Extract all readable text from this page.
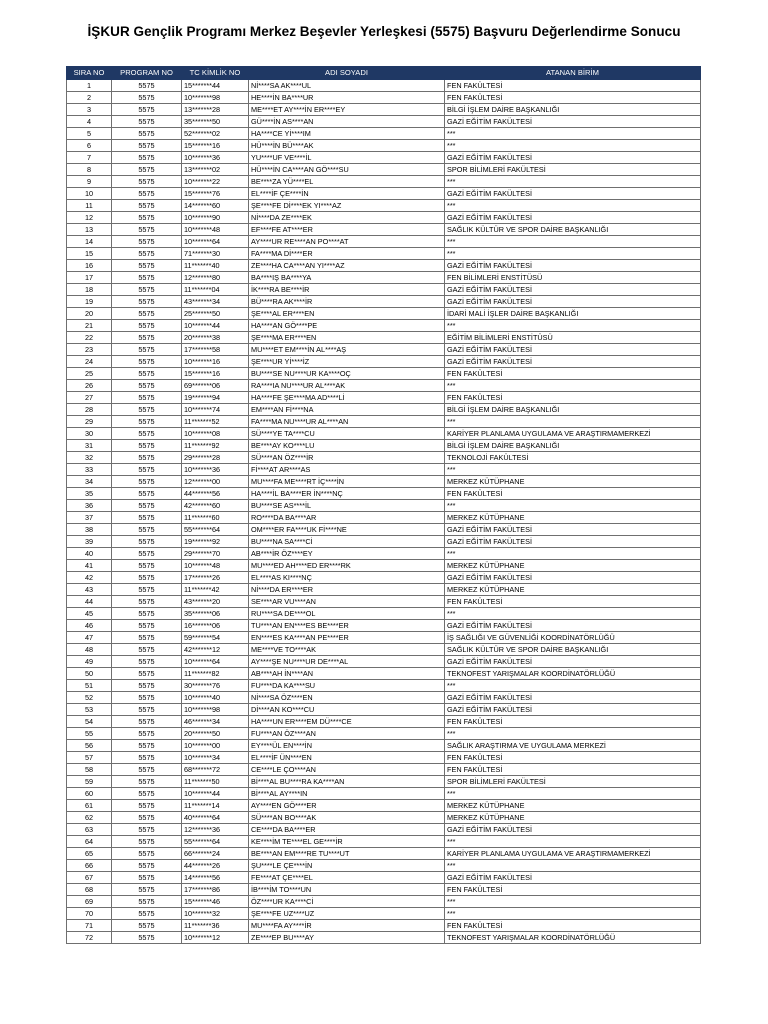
İŞKUR Gençlik Programı Merkez Beşevler Yerleşkesi (5575) Başvuru Değerlendirme Sonucu
SIRA NO	PROGRAM NO	TC KİMLİK NO	ADI SOYADI	ATANAN BİRİM
1	5575	15*******44	Nİ****SA AK****UL	FEN FAKÜLTESİ
2	5575	10*******98	HE****İN BA****UR	FEN FAKÜLTESİ
3	5575	13*******28	ME****ET AY****İN ER****EY	BİLGİ İŞLEM DAİRE BAŞKANLIĞI
4	5575	35*******50	GÜ****İN AS****AN	GAZİ EĞİTİM FAKÜLTESİ
5	5575	52*******02	HA****CE Yİ****IM	***
6	5575	15*******16	HÜ****İN BÜ****AK	***
7	5575	10*******36	YU****UF VE****İL	GAZİ EĞİTİM FAKÜLTESİ
8	5575	13*******02	HÜ****İN CA****AN GÖ****SU	SPOR BİLİMLERİ FAKÜLTESİ
9	5575	10*******22	BE****ZA YÜ****EL	***
10	5575	15*******76	EL****İF ÇE****İN	GAZİ EĞİTİM FAKÜLTESİ
11	5575	14*******60	ŞE****FE Dİ****EK YI****AZ	***
12	5575	10*******90	Nİ****DA ZE****EK	GAZİ EĞİTİM FAKÜLTESİ
13	5575	10*******48	EF****FE AT****ER	SAĞLIK KÜLTÜR VE SPOR DAİRE BAŞKANLIĞI
14	5575	10*******64	AY****UR RE****AN PO****AT	***
15	5575	71*******30	FA****MA Dİ****ER	***
16	5575	11*******40	ZE****HA CA****AN YI****AZ	GAZİ EĞİTİM FAKÜLTESİ
17	5575	12*******80	BA****IŞ BA****YA	FEN BİLİMLERİ ENSTİTÜSÜ
18	5575	11*******04	İK****RA BE****İR	GAZİ EĞİTİM FAKÜLTESİ
19	5575	43*******34	BÜ****RA AK****İR	GAZİ EĞİTİM FAKÜLTESİ
20	5575	25*******50	ŞE****AL ER****EN	İDARİ MALİ İŞLER DAİRE BAŞKANLIĞI
21	5575	10*******44	HA****AN GÖ****PE	***
22	5575	20*******38	ŞE****MA ER****EN	EĞİTİM BİLİMLERİ ENSTİTÜSÜ
23	5575	17*******58	MU****ET EM****İN AL****AŞ	GAZİ EĞİTİM FAKÜLTESİ
24	5575	10*******16	ŞE****UR Yİ****İZ	GAZİ EĞİTİM FAKÜLTESİ
25	5575	15*******16	BU****SE NU****UR KA****OÇ	FEN FAKÜLTESİ
26	5575	69*******06	RA****IA NU****UR AL****AK	***
27	5575	19*******94	HA****FE ŞE****MA AD****Lİ	FEN FAKÜLTESİ
28	5575	10*******74	EM****AN Fİ****NA	BİLGİ İŞLEM DAİRE BAŞKANLIĞI
29	5575	11*******52	FA****MA NU****UR AL****AN	***
30	5575	10*******08	SÜ****YE TA****CU	KARİYER PLANLAMA UYGULAMA VE ARAŞTIRMAMERKEZİ
31	5575	11*******92	BE****AY KO****LU	BİLGİ İŞLEM DAİRE BAŞKANLIĞI
32	5575	29*******28	SÜ****AN ÖZ****İR	TEKNOLOJİ FAKÜLTESİ
33	5575	10*******36	Fİ****AT AR****AS	***
34	5575	12*******00	MU****FA ME****RT İÇ****İN	MERKEZ KÜTÜPHANE
35	5575	44*******56	HA****İL BA****ER İN****NÇ	FEN FAKÜLTESİ
36	5575	42*******60	BU****SE AS****İL	***
37	5575	11*******60	RO****DA BA****AR	MERKEZ KÜTÜPHANE
38	5575	55*******64	OM****ER FA****UK Fİ****NE	GAZİ EĞİTİM FAKÜLTESİ
39	5575	19*******92	BU****NA SA****Cİ	GAZİ EĞİTİM FAKÜLTESİ
40	5575	29*******70	AB****İR ÖZ****EY	***
41	5575	10*******48	MU****ED AH****ED ER****RK	MERKEZ KÜTÜPHANE
42	5575	17*******26	EL****AS KI****NÇ	GAZİ EĞİTİM FAKÜLTESİ
43	5575	11*******42	Nİ****DA ER****ER	MERKEZ KÜTÜPHANE
44	5575	43*******20	SE****AR VU****AN	FEN FAKÜLTESİ
45	5575	35*******06	RU****SA DE****OL	***
46	5575	16*******06	TU****AN EN****ES BE****ER	GAZİ EĞİTİM FAKÜLTESİ
47	5575	59*******54	EN****ES KA****AN PE****ER	İŞ SAĞLIĞI VE GÜVENLİĞİ KOORDİNATÖRLÜĞÜ
48	5575	42*******12	ME****VE TO****AK	SAĞLIK KÜLTÜR VE SPOR DAİRE BAŞKANLIĞI
49	5575	10*******64	AY****ŞE NU****UR DE****AL	GAZİ EĞİTİM FAKÜLTESİ
50	5575	11*******82	AB****AH İN****AN	TEKNOFEST YARIŞMALAR KOORDİNATÖRLÜĞÜ
51	5575	30*******76	FU****DA KA****SU	***
52	5575	10*******40	Nİ****SA ÖZ****EN	GAZİ EĞİTİM FAKÜLTESİ
53	5575	10*******98	Dİ****AN KO****CU	GAZİ EĞİTİM FAKÜLTESİ
54	5575	46*******34	HA****UN ER****EM DÜ****CE	FEN FAKÜLTESİ
55	5575	20*******50	FU****AN ÖZ****AN	***
56	5575	10*******00	EY****ÜL EN****İN	SAĞLIK ARAŞTIRMA VE UYGULAMA MERKEZİ
57	5575	10*******34	EL****İF ÜN****EN	FEN FAKÜLTESİ
58	5575	68*******72	CE****LE ÇO****AN	FEN FAKÜLTESİ
59	5575	11*******50	Bİ****AL BU****RA KA****AN	SPOR BİLİMLERİ FAKÜLTESİ
60	5575	10*******44	Bİ****AL AY****IN	***
61	5575	11*******14	AY****EN GÖ****ER	MERKEZ KÜTÜPHANE
62	5575	40*******64	SÜ****AN BO****AK	MERKEZ KÜTÜPHANE
63	5575	12*******36	CE****DA BA****ER	GAZİ EĞİTİM FAKÜLTESİ
64	5575	55*******64	KE****İM TE****EL GE****İR	***
65	5575	66*******24	BE****AN EM****RE TU****UT	KARİYER PLANLAMA UYGULAMA VE ARAŞTIRMAMERKEZİ
66	5575	44*******26	ŞU****LE ÇE****İN	***
67	5575	14*******56	FE****AT ÇE****EL	GAZİ EĞİTİM FAKÜLTESİ
68	5575	17*******86	İB****İM TO****UN	FEN FAKÜLTESİ
69	5575	15*******46	ÖZ****UR KA****Cİ	***
70	5575	10*******32	ŞE****FE UZ****UZ	***
71	5575	11*******36	MU****FA AY****İR	FEN FAKÜLTESİ
72	5575	10*******12	ZE****EP BU****AY	TEKNOFEST YARIŞMALAR KOORDİNATÖRLÜĞÜ
